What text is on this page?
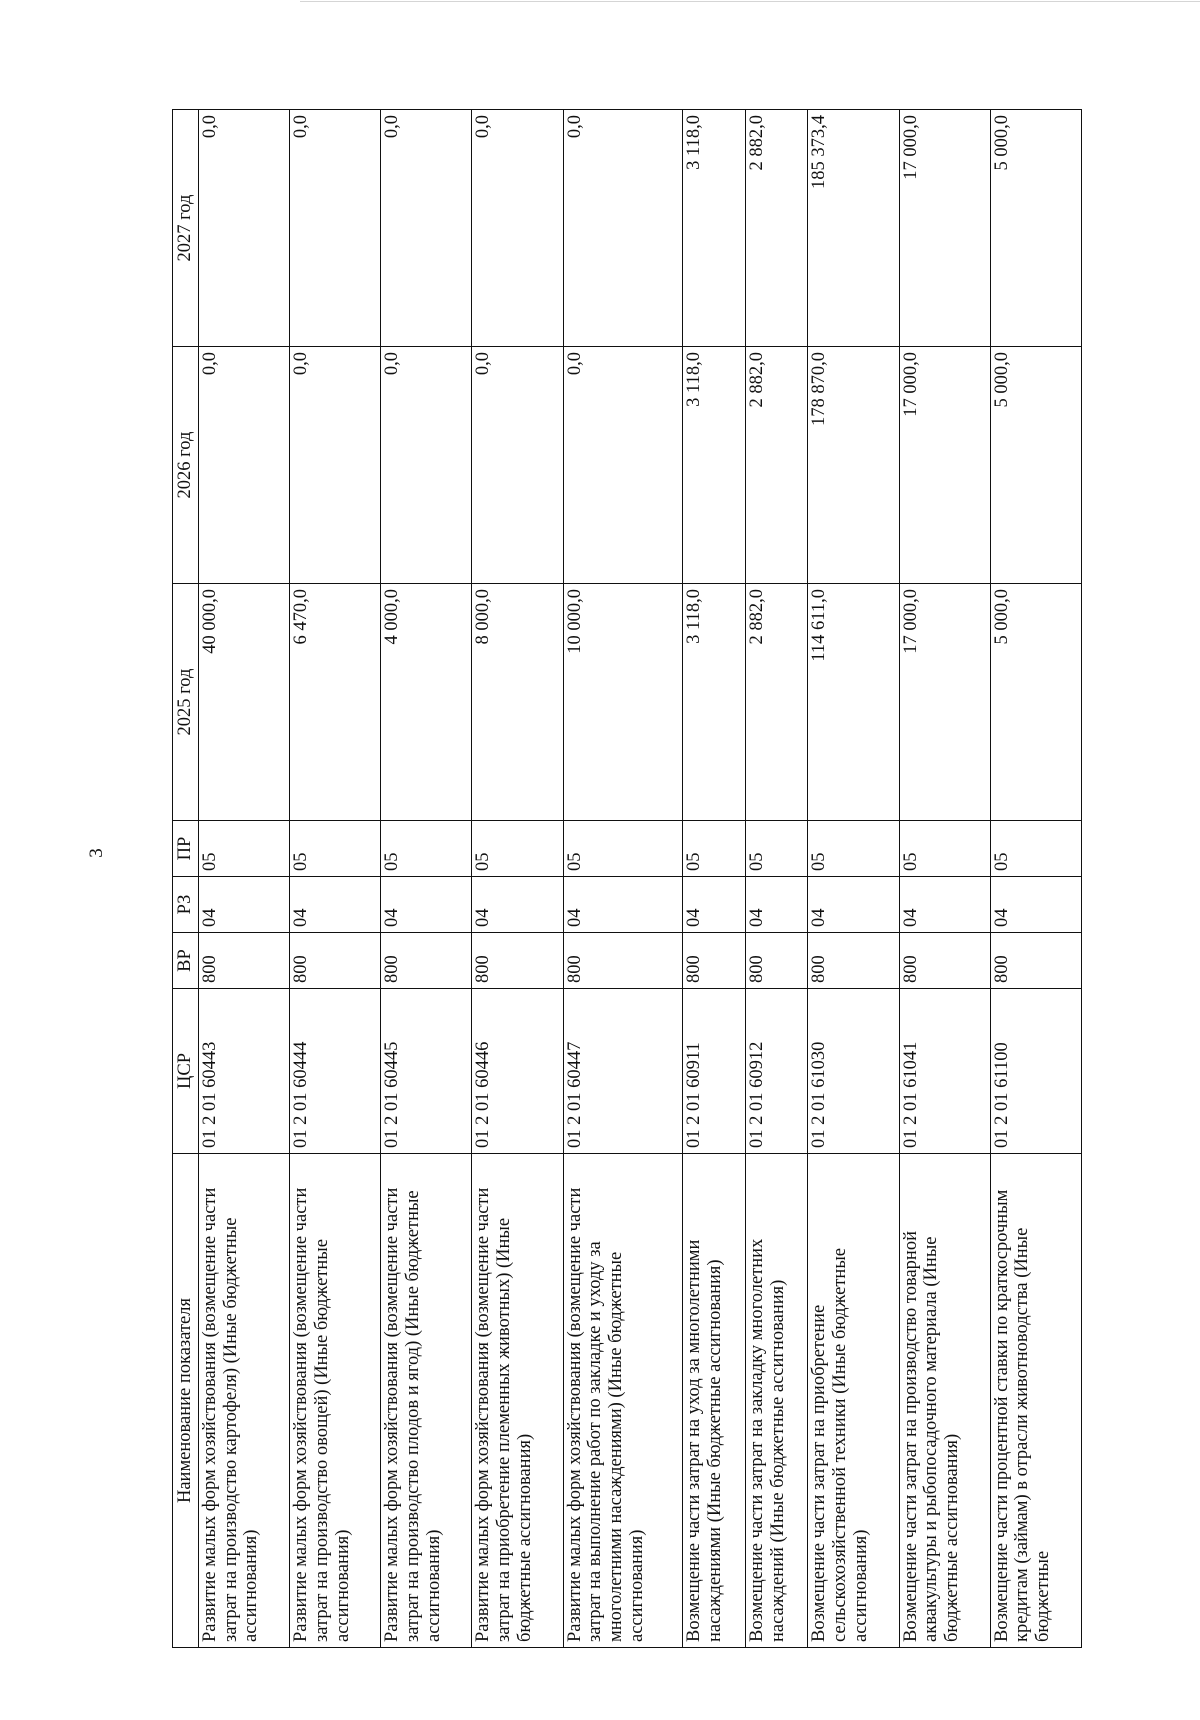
3
Наименование показателя	ЦСР	ВР	РЗ	ПР	2025 год	2026 год	2027 год
Развитие малых форм хозяйствования (возмещение части затрат на производство картофеля) (Иные бюджетные ассигнования)	01 2 01 60443	800	04	05	40 000,0	0,0	0,0
Развитие малых форм хозяйствования (возмещение части затрат на производство овощей) (Иные бюджетные ассигнования)	01 2 01 60444	800	04	05	6 470,0	0,0	0,0
Развитие малых форм хозяйствования (возмещение части затрат на производство плодов и ягод) (Иные бюджетные ассигнования)	01 2 01 60445	800	04	05	4 000,0	0,0	0,0
Развитие малых форм хозяйствования (возмещение части затрат на приобретение племенных животных) (Иные бюджетные ассигнования)	01 2 01 60446	800	04	05	8 000,0	0,0	0,0
Развитие малых форм хозяйствования (возмещение части затрат на выполнение работ по закладке и уходу за многолетними насаждениями) (Иные бюджетные ассигнования)	01 2 01 60447	800	04	05	10 000,0	0,0	0,0
Возмещение части затрат на уход за многолетними насаждениями (Иные бюджетные ассигнования)	01 2 01 60911	800	04	05	3 118,0	3 118,0	3 118,0
Возмещение части затрат на закладку многолетних насаждений (Иные бюджетные ассигнования)	01 2 01 60912	800	04	05	2 882,0	2 882,0	2 882,0
Возмещение части затрат на приобретение сельскохозяйственной техники (Иные бюджетные ассигнования)	01 2 01 61030	800	04	05	114 611,0	178 870,0	185 373,4
Возмещение части затрат на производство товарной аквакультуры и рыбопосадочного материала (Иные бюджетные ассигнования)	01 2 01 61041	800	04	05	17 000,0	17 000,0	17 000,0
Возмещение части процентной ставки по краткосрочным кредитам (займам) в отрасли животноводства (Иные бюджетные	01 2 01 61100	800	04	05	5 000,0	5 000,0	5 000,0
